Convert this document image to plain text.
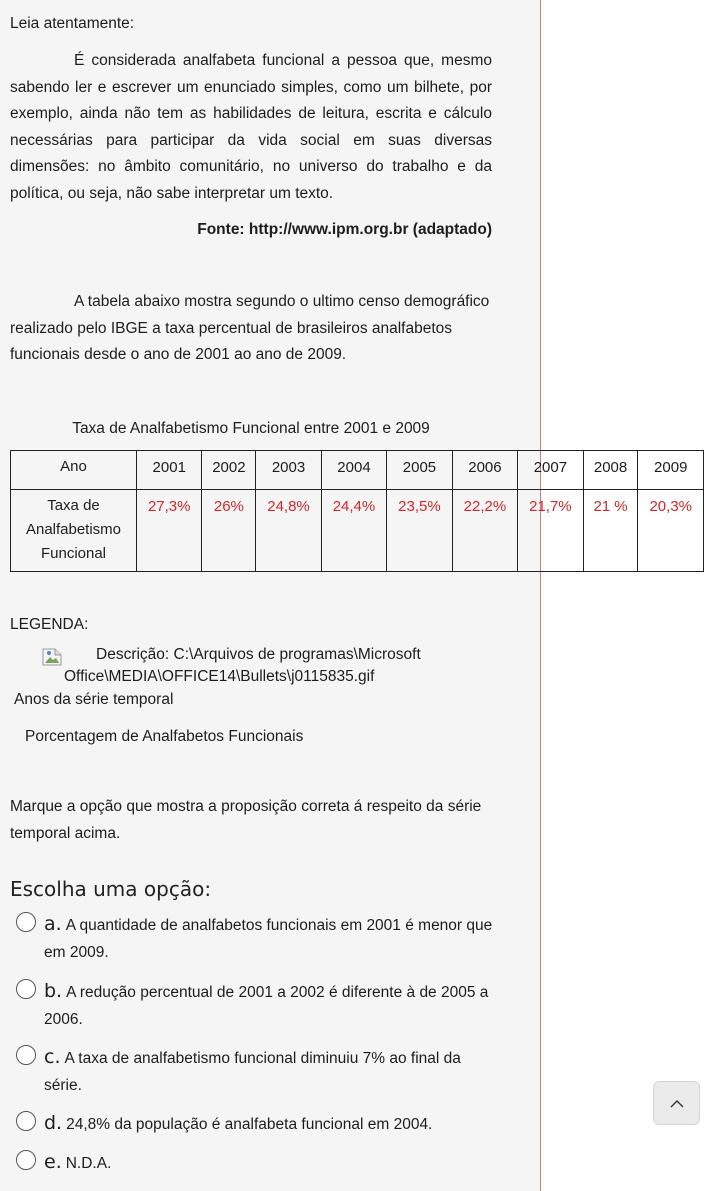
Leia atentamente:
É considerada analfabeta funcional a pessoa que, mesmo sabendo ler e escrever um enunciado simples, como um bilhete, por exemplo, ainda não tem as habilidades de leitura, escrita e cálculo necessárias para participar da vida social em suas diversas dimensões: no âmbito comunitário, no universo do trabalho e da política, ou seja, não sabe interpretar um texto.
Fonte: http://www.ipm.org.br (adaptado)
A tabela abaixo mostra segundo o ultimo censo demográfico realizado pelo IBGE a taxa percentual de brasileiros analfabetos funcionais desde o ano de 2001 ao ano de 2009.
Taxa de Analfabetismo Funcional entre 2001 e 2009
Ano	2001	2002	2003	2004	2005	2006	2007	2008	2009
Taxa de Analfabetismo Funcional	27,3%	26%	24,8%	24,4%	23,5%	22,2%	21,7%	21 %	20,3%
LEGENDA:
Descrição: C:\Arquivos de programas\Microsoft Office\MEDIA\OFFICE14\Bullets\j0115835.gif
Anos da série temporal
Porcentagem de Analfabetos Funcionais
Marque a opção que mostra a proposição correta á respeito da série temporal acima.
Escolha uma opção:
a. A quantidade de analfabetos funcionais em 2001 é menor que em 2009.
b. A redução percentual de 2001 a 2002 é diferente à de 2005 a 2006.
c. A taxa de analfabetismo funcional diminuiu 7% ao final da série.
d. 24,8% da população é analfabeta funcional em 2004.
e. N.D.A.
